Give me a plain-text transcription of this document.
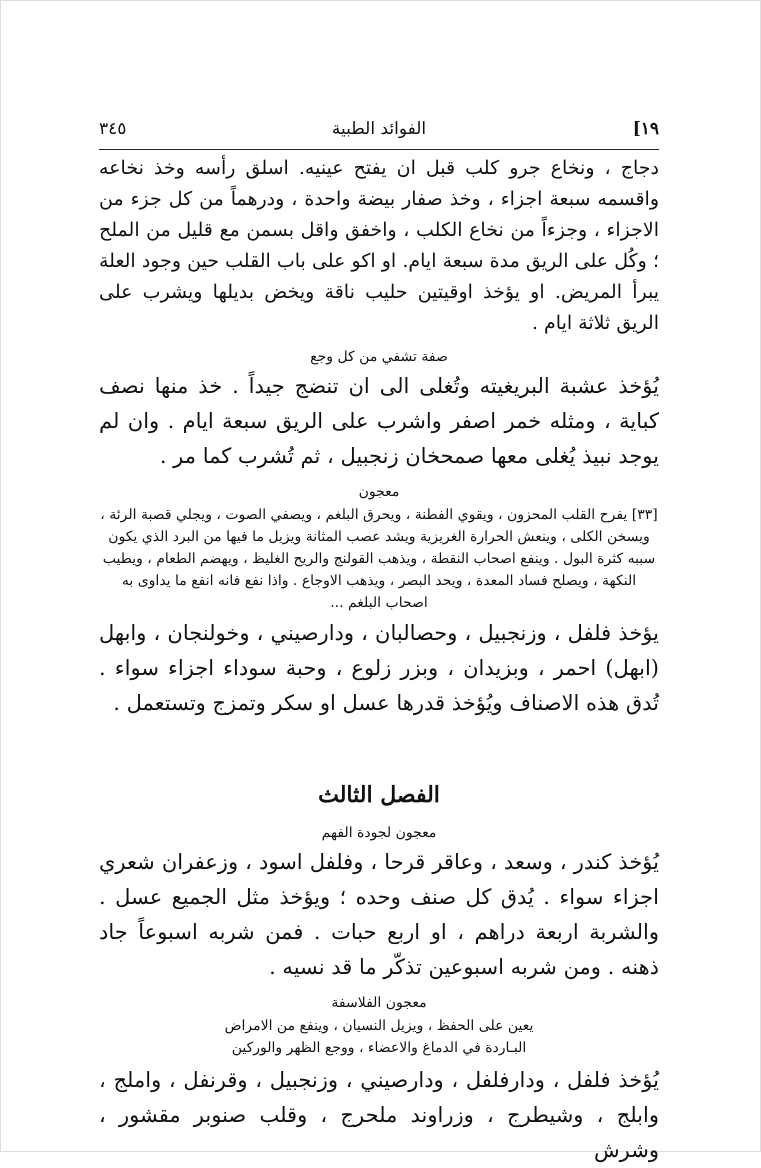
١٩]
الفوائد الطبية
٣٤٥

دجاج ، ونخاع جرو كلب قبل ان يفتح عينيه. اسلق رأسه وخذ نخاعه واقسمه سبعة اجزاء ، وخذ صفار بيضة واحدة ، ودرهماً من كل جزء من الاجزاء ، وجزءاً من نخاع الكلب ، واخفق واقل بسمن مع قليل من الملح ؛ وكُل على الريق مدة سبعة ايام. او اكو على باب القلب حين وجود العلة يبرأ المريض. او يؤخذ اوقيتين حليب ناقة ويخض بديلها ويشرب على الريق ثلاثة ايام .

صفة تشفي من كل وجع

يُؤخذ عشبة البريغيته وتُغلى الى ان تنضج جيداً . خذ منها نصف كباية ، ومثله خمر اصفر واشرب على الريق سبعة ايام . وان لم يوجد نبيذ يُغلى معها صمحخان زنجبيل ، ثم تُشرب كما مر .

معجون

[٣٣] يفرح القلب المحزون ، ويقوي الفطنة ، ويحرق البلغم ، ويصفي الصوت ، ويجلي قصبة الرئة ، ويسخن الكلى ، وينعش الحرارة الغريزية ويشد عصب المثانة ويزيل ما فيها من البرد الذي يكون سببه كثرة البول . وينفع اصحاب النقطة ، ويذهب القولنج والريح الغليظ ، ويهضم الطعام ، ويطيب النكهة ، ويصلح فساد المعدة ، ويحد البصر ، ويذهب الاوجاع . واذا نفع فانه انفع ما يداوى به اصحاب البلغم ...

يؤخذ فلفل ، وزنجبيل ، وحصالبان ، ودارصيني ، وخولنجان ، وابهل (ابهل) احمر ، وبزيدان ، وبزر زلوع ، وحبة سوداء اجزاء سواء . تُدق هذه الاصناف ويُؤخذ قدرها عسل او سكر وتمزج وتستعمل .

الفصل الثالث

معجون لجودة الفهم

يُؤخذ كندر ، وسعد ، وعاقر قرحا ، وفلفل اسود ، وزعفران شعري اجزاء سواء . يُدق كل صنف وحده ؛ ويؤخذ مثل الجميع عسل . والشربة اربعة دراهم ، او اربع حبات . فمن شربه اسبوعاً جاد ذهنه . ومن شربه اسبوعين تذكّر ما قد نسيه .

معجون الفلاسفة

يعين على الحفظ ، ويزيل النسيان ، وينفع من الامراض

البـاردة في الدماغ والاعضاء ، ووجع الظهر والوركين

يُؤخذ فلفل ، ودارفلفل ، ودارصيني ، وزنجبيل ، وقرنفل ، واملج ، وابلج ، وشيطرج ، وزراوند ملحرج ، وقلب صنوبر مقشور ، وشرش
